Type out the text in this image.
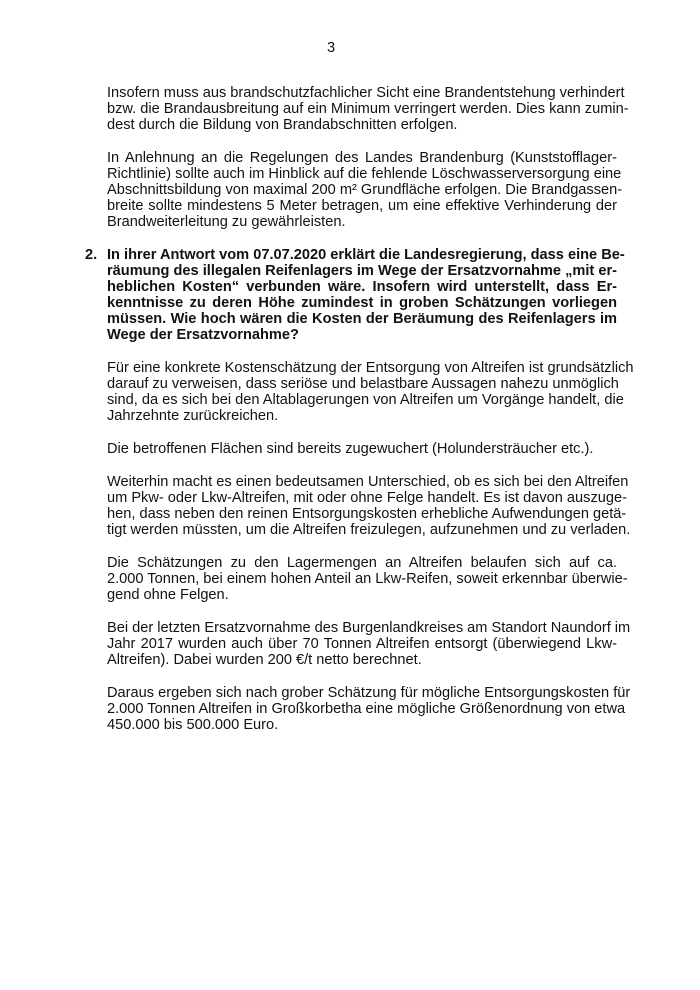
3
Insofern muss aus brandschutzfachlicher Sicht eine Brandentstehung verhindert
bzw. die Brandausbreitung auf ein Minimum verringert werden. Dies kann zumin-
dest durch die Bildung von Brandabschnitten erfolgen.
In Anlehnung an die Regelungen des Landes Brandenburg (Kunststofflager-
Richtlinie) sollte auch im Hinblick auf die fehlende Löschwasserversorgung eine
Abschnittsbildung von maximal 200 m² Grundfläche erfolgen. Die Brandgassen-
breite sollte mindestens 5 Meter betragen, um eine effektive Verhinderung der
Brandweiterleitung zu gewährleisten.
2. In ihrer Antwort vom 07.07.2020 erklärt die Landesregierung, dass eine Be-
räumung des illegalen Reifenlagers im Wege der Ersatzvornahme „mit er-
heblichen Kosten“ verbunden wäre. Insofern wird unterstellt, dass Er-
kenntnisse zu deren Höhe zumindest in groben Schätzungen vorliegen
müssen. Wie hoch wären die Kosten der Beräumung des Reifenlagers im
Wege der Ersatzvornahme?
Für eine konkrete Kostenschätzung der Entsorgung von Altreifen ist grundsätzlich
darauf zu verweisen, dass seriöse und belastbare Aussagen nahezu unmöglich
sind, da es sich bei den Altablagerungen von Altreifen um Vorgänge handelt, die
Jahrzehnte zurückreichen.
Die betroffenen Flächen sind bereits zugewuchert (Holundersträucher etc.).
Weiterhin macht es einen bedeutsamen Unterschied, ob es sich bei den Altreifen
um Pkw- oder Lkw-Altreifen, mit oder ohne Felge handelt. Es ist davon auszuge-
hen, dass neben den reinen Entsorgungskosten erhebliche Aufwendungen getä-
tigt werden müssten, um die Altreifen freizulegen, aufzunehmen und zu verladen.
Die Schätzungen zu den Lagermengen an Altreifen belaufen sich auf ca.
2.000 Tonnen, bei einem hohen Anteil an Lkw-Reifen, soweit erkennbar überwie-
gend ohne Felgen.
Bei der letzten Ersatzvornahme des Burgenlandkreises am Standort Naundorf im
Jahr 2017 wurden auch über 70 Tonnen Altreifen entsorgt (überwiegend Lkw-
Altreifen). Dabei wurden 200 €/t netto berechnet.
Daraus ergeben sich nach grober Schätzung für mögliche Entsorgungskosten für
2.000 Tonnen Altreifen in Großkorbetha eine mögliche Größenordnung von etwa
450.000 bis 500.000 Euro.
